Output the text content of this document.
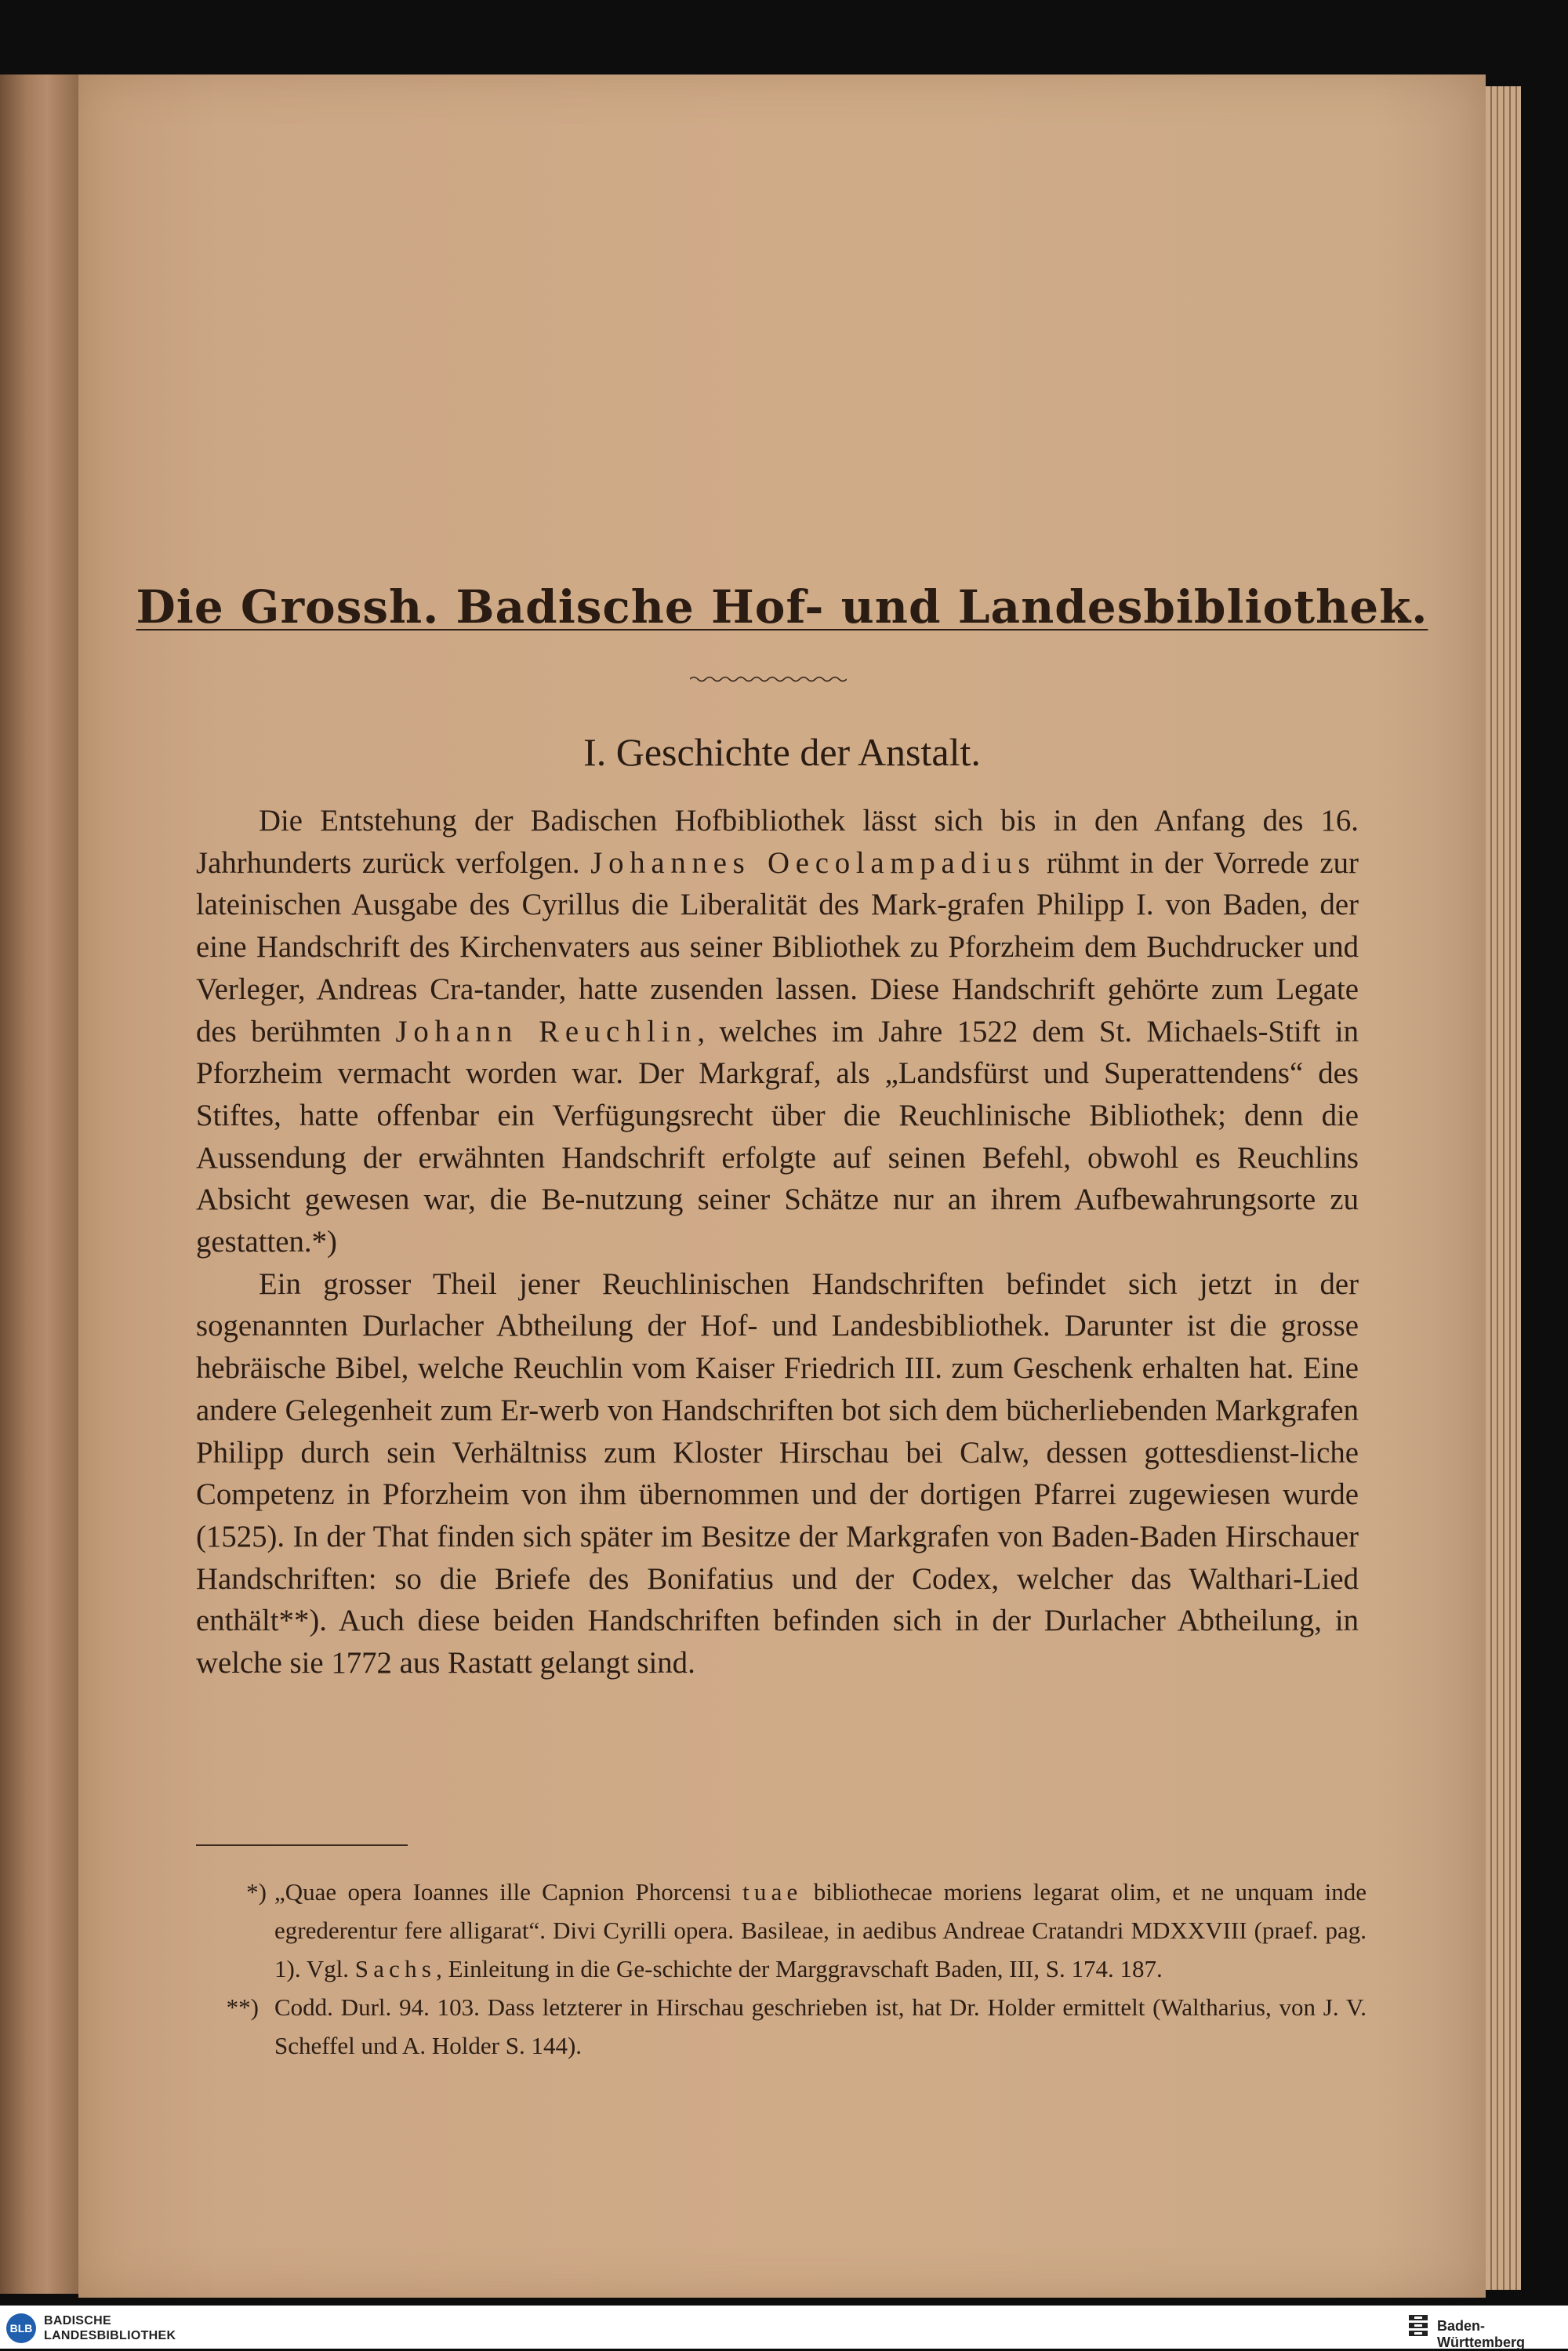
Die Grossh. Badische Hof- und Landesbibliothek.
I. Geschichte der Anstalt.

Die Entstehung der Badischen Hofbibliothek lässt sich bis in den Anfang des 16. Jahrhunderts zurück verfolgen. Johannes Oecolampadius rühmt in der Vorrede zur lateinischen Ausgabe des Cyrillus die Liberalität des Mark-grafen Philipp I. von Baden, der eine Handschrift des Kirchenvaters aus seiner Bibliothek zu Pforzheim dem Buchdrucker und Verleger, Andreas Cra-tander, hatte zusenden lassen. Diese Handschrift gehörte zum Legate des berühmten Johann Reuchlin, welches im Jahre 1522 dem St. Michaels-Stift in Pforzheim vermacht worden war. Der Markgraf, als „Landsfürst und Superattendens“ des Stiftes, hatte offenbar ein Verfügungsrecht über die Reuchlinische Bibliothek; denn die Aussendung der erwähnten Handschrift erfolgte auf seinen Befehl, obwohl es Reuchlins Absicht gewesen war, die Be-nutzung seiner Schätze nur an ihrem Aufbewahrungsorte zu gestatten.*)

Ein grosser Theil jener Reuchlinischen Handschriften befindet sich jetzt in der sogenannten Durlacher Abtheilung der Hof- und Landesbibliothek. Darunter ist die grosse hebräische Bibel, welche Reuchlin vom Kaiser Friedrich III. zum Geschenk erhalten hat. Eine andere Gelegenheit zum Er-werb von Handschriften bot sich dem bücherliebenden Markgrafen Philipp durch sein Verhältniss zum Kloster Hirschau bei Calw, dessen gottesdienst-liche Competenz in Pforzheim von ihm übernommen und der dortigen Pfarrei zugewiesen wurde (1525). In der That finden sich später im Besitze der Markgrafen von Baden-Baden Hirschauer Handschriften: so die Briefe des Bonifatius und der Codex, welcher das Walthari-Lied enthält**). Auch diese beiden Handschriften befinden sich in der Durlacher Abtheilung, in welche sie 1772 aus Rastatt gelangt sind.

*) „Quae opera Ioannes ille Capnion Phorcensi tuae bibliothecae moriens legarat olim, et ne unquam inde egrederentur fere alligarat“. Divi Cyrilli opera. Basileae, in aedibus Andreae Cratandri MDXXVIII (praef. pag. 1). Vgl. Sachs, Einleitung in die Ge-schichte der Marggravschaft Baden, III, S. 174. 187.

**) Codd. Durl. 94. 103. Dass letzterer in Hirschau geschrieben ist, hat Dr. Holder ermittelt (Waltharius, von J. V. Scheffel und A. Holder S. 144).

BLB
BADISCHE
LANDESBIBLIOTHEK
Baden-Württemberg
